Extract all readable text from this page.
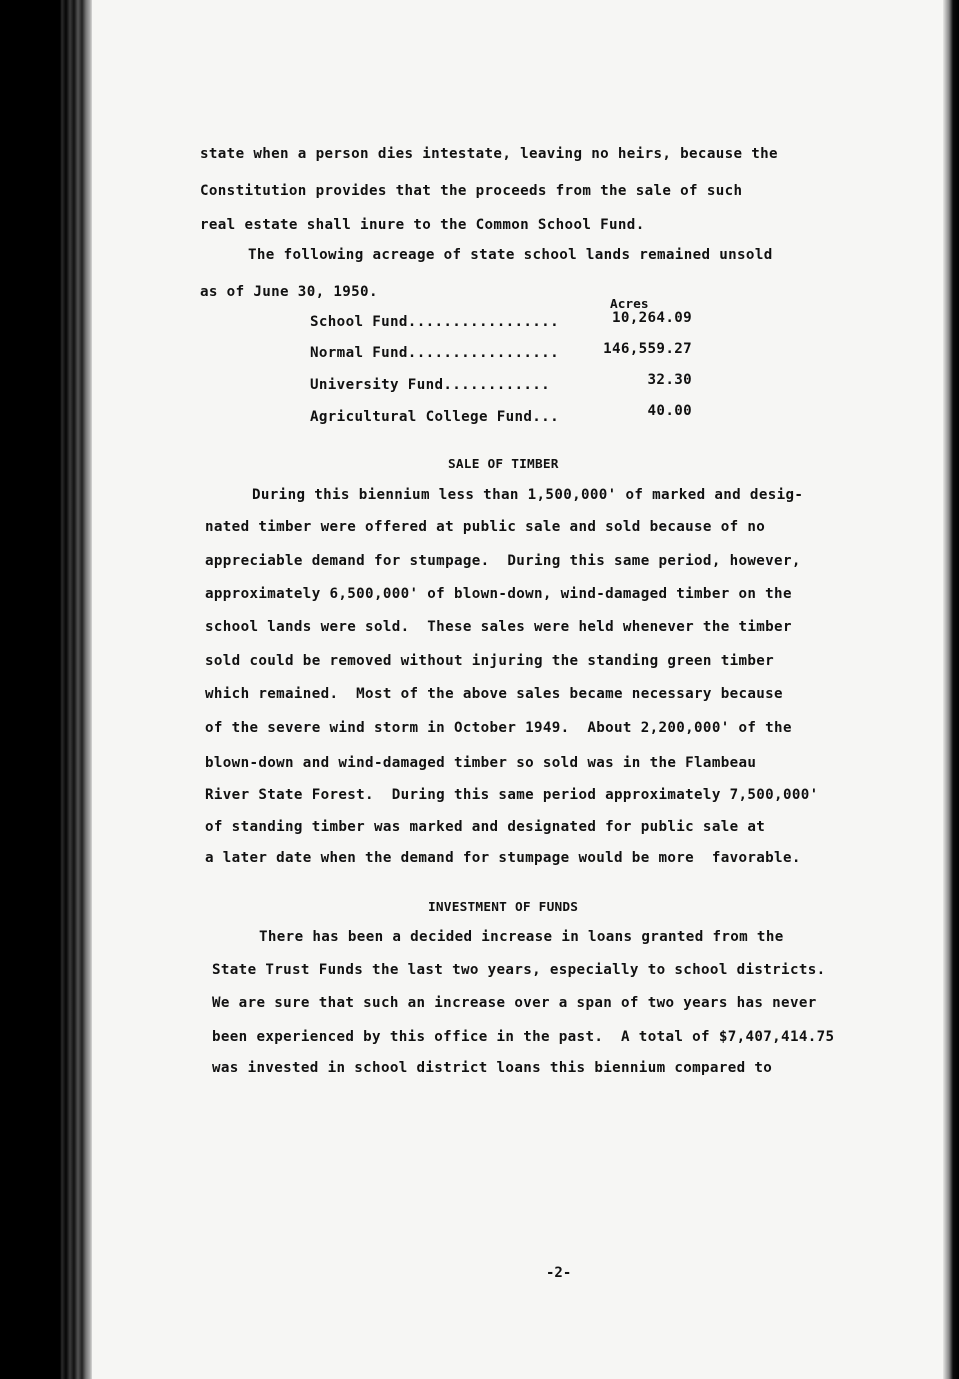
state when a person dies intestate, leaving no heirs, because the
Constitution provides that the proceeds from the sale of such
real estate shall inure to the Common School Fund.
The following acreage of state school lands remained unsold
as of June 30, 1950.
Acres
School Fund.................	10,264.09
Normal Fund.................	146,559.27
University Fund............	32.30
Agricultural College Fund...	40.00
SALE OF TIMBER
During this biennium less than 1,500,000' of marked and desig-
nated timber were offered at public sale and sold because of no
appreciable demand for stumpage.  During this same period, however,
approximately 6,500,000' of blown-down, wind-damaged timber on the
school lands were sold.  These sales were held whenever the timber
sold could be removed without injuring the standing green timber
which remained.  Most of the above sales became necessary because
of the severe wind storm in October 1949.  About 2,200,000' of the
blown-down and wind-damaged timber so sold was in the Flambeau
River State Forest.  During this same period approximately 7,500,000'
of standing timber was marked and designated for public sale at
a later date when the demand for stumpage would be more  favorable.
INVESTMENT OF FUNDS
There has been a decided increase in loans granted from the
State Trust Funds the last two years, especially to school districts.
We are sure that such an increase over a span of two years has never
been experienced by this office in the past.  A total of $7,407,414.75
was invested in school district loans this biennium compared to
-2-
